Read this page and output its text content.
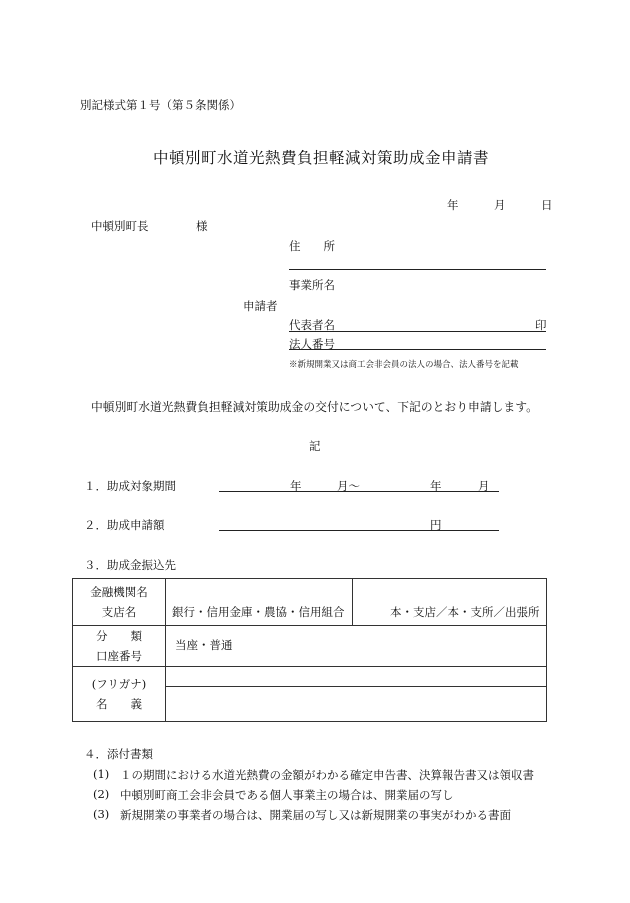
別記様式第１号（第５条関係）
中頓別町水道光熱費負担軽減対策助成金申請書
年	月	日
中頓別町長	様
住　　所
事業所名
申請者
代表者名	印
法人番号
※新規開業又は商工会非会員の法人の場合、法人番号を記載
中頓別町水道光熱費負担軽減対策助成金の交付について、下記のとおり申請します。
記
１．助成対象期間	年	月～	年	月
２．助成申請額	円
３．助成金振込先
金融機関名
支店名	銀行・信用金庫・農協・信用組合	本・支店／本・支所／出張所

分　　類
口座番号	当座・普通	

(フリガナ)
名　　義		

４．添付書類
(1) １の期間における水道光熱費の金額がわかる確定申告書、決算報告書又は領収書
(2) 中頓別町商工会非会員である個人事業主の場合は、開業届の写し
(3) 新規開業の事業者の場合は、開業届の写し又は新規開業の事実がわかる書面
